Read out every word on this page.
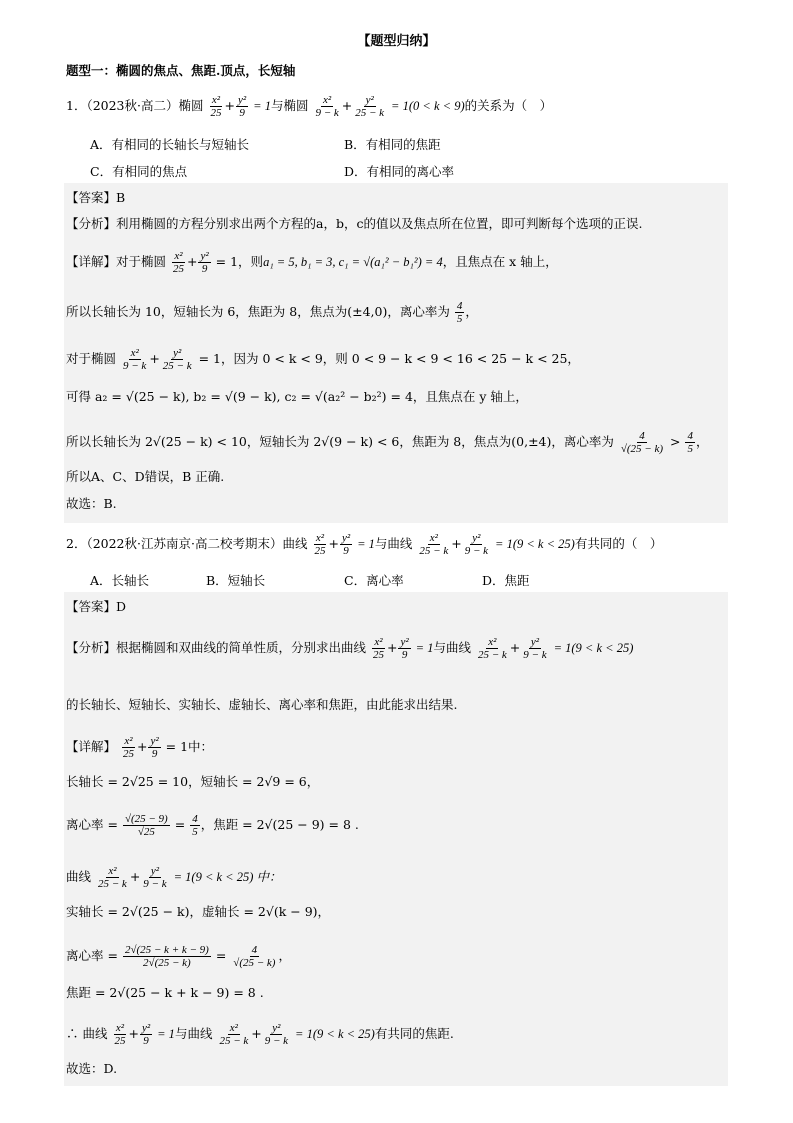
【题型归纳】
题型一：椭圆的焦点、焦距.顶点，长短轴
1．（2023秋·高二）椭圆 $\frac{\text{x²}}{25} + \frac{\text{y²}}{9} = 1$与椭圆 $\frac{\text{x²}}{9 - k} + \frac{\text{y²}}{25 - k} = 1(0 < k < 9)$的关系为（　）
A．有相同的长轴长与短轴长	B．有相同的焦距
C．有相同的焦点	D．有相同的离心率
【答案】B
【分析】利用椭圆的方程分别求出两个方程的a，b，c的值以及焦点所在位置，即可判断每个选项的正误.
【详解】对于椭圆 $\frac{\text{x²}}{25} + \frac{\text{y²}}{9} = 1$，则a₁ = 5, b₁ = 3, c₁ = √(a₁² − b₁²) = 4，且焦点在 x 轴上，
所以长轴长为 10，短轴长为 6，焦距为 8，焦点为(±4,0)，离心率为 $\frac{4}{5}$ ，
对于椭圆 $\frac{\text{x²}}{9 - k} + \frac{\text{y²}}{25 - k} = 1$，因为 0 < k < 9，则 0 < 9 − k < 9 < 16 < 25 − k < 25，
可得 a₂ = √(25 − k), b₂ = √(9 − k), c₂ = √(a₂² − b₂²) = 4，且焦点在 y 轴上，
所以长轴长为 2√(25 − k) < 10，短轴长为 2√(9 − k) < 6，焦距为 8，焦点为(0,±4)，离心率为 $\frac{4}{√(25 - k)} > \frac{4}{5}$ ，
所以A、C、D错误，B 正确.
故选：B.
2．（2022秋·江苏南京·高二校考期末）曲线 $\frac{\text{x²}}{25} + \frac{\text{y²}}{9} = 1$与曲线 $\frac{\text{x²}}{25 - k} + \frac{\text{y²}}{9 - k} = 1(9 < k < 25)$有共同的（　）
A．长轴长	B．短轴长	C．离心率	D．焦距
【答案】D
【分析】根据椭圆和双曲线的简单性质，分别求出曲线 $\frac{\text{x²}}{25} + \frac{\text{y²}}{9} = 1$与曲线 $\frac{\text{x²}}{25 - k} + \frac{\text{y²}}{9 - k} = 1(9 < k < 25)$
的长轴长、短轴长、实轴长、虚轴长、离心率和焦距，由此能求出结果.
【详解】 $\frac{\text{x²}}{25} + \frac{\text{y²}}{9} = 1$中：
长轴长 = 2√25 = 10，短轴长 = 2√9 = 6，
离心率 = $\frac{√(25 - 9)}{√25} = \frac{4}{5}$ ，焦距 = 2√(25 − 9) = 8 .
曲线 $\frac{\text{x²}}{25 - k} + \frac{\text{y²}}{9 - k} = 1(9 < k < 25)$ 中：
实轴长 = 2√(25 − k)，虚轴长 = 2√(k − 9)，
离心率 = $\frac{2√(25 - k + k - 9)}{2√(25 - k)} = \frac{4}{√(25 - k)}$ ，
焦距 = 2√(25 − k + k − 9) = 8 .
∴ 曲线 $\frac{\text{x²}}{25} + \frac{\text{y²}}{9} = 1$与曲线 $\frac{\text{x²}}{25 - k} + \frac{\text{y²}}{9 - k} = 1(9 < k < 25)$有共同的焦距.
故选：D.
